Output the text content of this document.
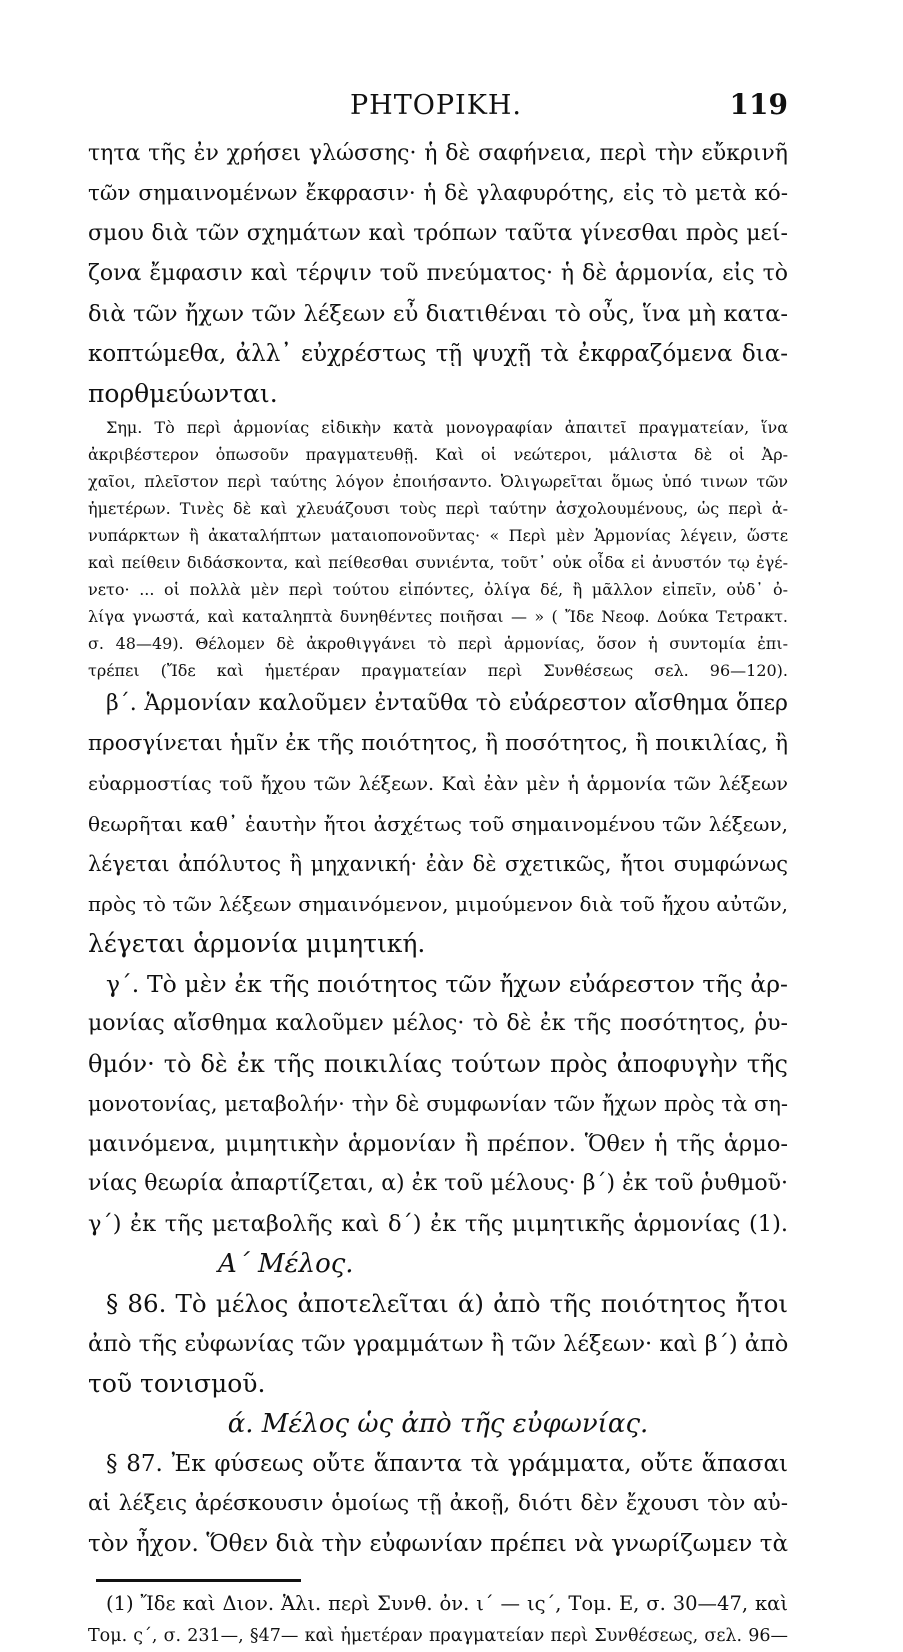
ΡΗΤΟΡΙΚΗ.	119

τητα τῆς ἐν χρήσει γλώσσης· ἡ δὲ σαφήνεια, περὶ τὴν εὔκρινῆ
τῶν σημαινομένων ἔκφρασιν· ἡ δὲ γλαφυρότης, εἰς τὸ μετὰ κό-
σμου διὰ τῶν σχημάτων καὶ τρόπων ταῦτα γίνεσθαι πρὸς μεί-
ζονα ἔμφασιν καὶ τέρψιν τοῦ πνεύματος· ἡ δὲ ἁρμονία, εἰς τὸ
διὰ τῶν ἤχων τῶν λέξεων εὖ διατιθέναι τὸ οὖς, ἵνα μὴ κατα-
κοπτώμεθα, ἀλλ᾽ εὐχρέστως τῇ ψυχῇ τὰ ἐκφραζόμενα δια-
πορθμεύωνται.

Σημ. Τὸ περὶ ἁρμονίας εἰδικὴν κατὰ μονογραφίαν ἀπαιτεῖ πραγματείαν, ἵνα
ἀκριβέστερον ὁπωσοῦν πραγματευθῇ. Καὶ οἱ νεώτεροι, μάλιστα δὲ οἱ Ἀρ-
χαῖοι, πλεῖστον περὶ ταύτης λόγον ἐποιήσαντο. Ὀλιγωρεῖται ὅμως ὑπό τινων τῶν
ἡμετέρων. Τινὲς δὲ καὶ χλευάζουσι τοὺς περὶ ταύτην ἀσχολουμένους, ὡς περὶ ἀ-
νυπάρκτων ἢ ἀκαταλήπτων ματαιοπονοῦντας· « Περὶ μὲν Ἁρμονίας λέγειν, ὥστε
καὶ πείθειν διδάσκοντα, καὶ πείθεσθαι συνιέντα, τοῦτ᾽ οὐκ οἶδα εἰ ἀνυστόν τῳ ἐγέ-
νετο· ... οἱ πολλὰ μὲν περὶ τούτου εἰπόντες, ὀλίγα δέ, ἢ μᾶλλον εἰπεῖν, οὐδ᾽ ὀ-
λίγα γνωστά, καὶ καταληπτὰ δυνηθέντες ποιῆσαι — » ( Ἴδε Νεοφ. Δούκα Τετρακτ.
σ. 48—49). Θέλομεν δὲ ἀκροθιγγάνει τὸ περὶ ἁρμονίας, ὅσον ἡ συντομία ἐπι-
τρέπει (Ἴδε καὶ ἡμετέραν πραγματείαν περὶ Συνθέσεως σελ. 96—120).

β΄. Ἁρμονίαν καλοῦμεν ἐνταῦθα τὸ εὐάρεστον αἴσθημα ὅπερ
προσγίνεται ἡμῖν ἐκ τῆς ποιότητος, ἢ ποσότητος, ἢ ποικιλίας, ἢ
εὐαρμοστίας τοῦ ἤχου τῶν λέξεων. Καὶ ἐὰν μὲν ἡ ἁρμονία τῶν λέξεων
θεωρῆται καθ᾽ ἑαυτὴν ἤτοι ἀσχέτως τοῦ σημαινομένου τῶν λέξεων,
λέγεται ἀπόλυτος ἢ μηχανική· ἐὰν δὲ σχετικῶς, ἤτοι συμφώνως
πρὸς τὸ τῶν λέξεων σημαινόμενον, μιμούμενον διὰ τοῦ ἤχου αὐτῶν,
λέγεται ἁρμονία μιμητική.

γ΄. Τὸ μὲν ἐκ τῆς ποιότητος τῶν ἤχων εὐάρεστον τῆς ἀρ-
μονίας αἴσθημα καλοῦμεν μέλος· τὸ δὲ ἐκ τῆς ποσότητος, ῥυ-
θμόν· τὸ δὲ ἐκ τῆς ποικιλίας τούτων πρὸς ἀποφυγὴν τῆς
μονοτονίας, μεταβολήν· τὴν δὲ συμφωνίαν τῶν ἤχων πρὸς τὰ ση-
μαινόμενα, μιμητικὴν ἁρμονίαν ἢ πρέπον. Ὅθεν ἡ τῆς ἁρμο-
νίας θεωρία ἀπαρτίζεται, α) ἐκ τοῦ μέλους· β΄) ἐκ τοῦ ῥυθμοῦ·
γ΄) ἐκ τῆς μεταβολῆς καὶ δ΄) ἐκ τῆς μιμητικῆς ἁρμονίας (1).

Α΄ Μέλος.

§ 86. Τὸ μέλος ἀποτελεῖται ά) ἀπὸ τῆς ποιότητος ἤτοι
ἀπὸ τῆς εὐφωνίας τῶν γραμμάτων ἢ τῶν λέξεων· καὶ β΄) ἀπὸ
τοῦ τονισμοῦ.

ά. Μέλος ὡς ἀπὸ τῆς εὐφωνίας.

§ 87. Ἐκ φύσεως οὔτε ἅπαντα τὰ γράμματα, οὔτε ἅπασαι
αἱ λέξεις ἀρέσκουσιν ὁμοίως τῇ ἀκοῇ, διότι δὲν ἔχουσι τὸν αὐ-
τὸν ἦχον. Ὅθεν διὰ τὴν εὐφωνίαν πρέπει νὰ γνωρίζωμεν τὰ

(1) Ἴδε καὶ Διον. Ἁλι. περὶ Συνθ. ὀν. ι΄ — ις΄, Τομ. Ε, σ. 30—47, καὶ
Τομ. ς΄, σ. 231—, §47— καὶ ἡμετέραν πραγματείαν περὶ Συνθέσεως, σελ. 96—
